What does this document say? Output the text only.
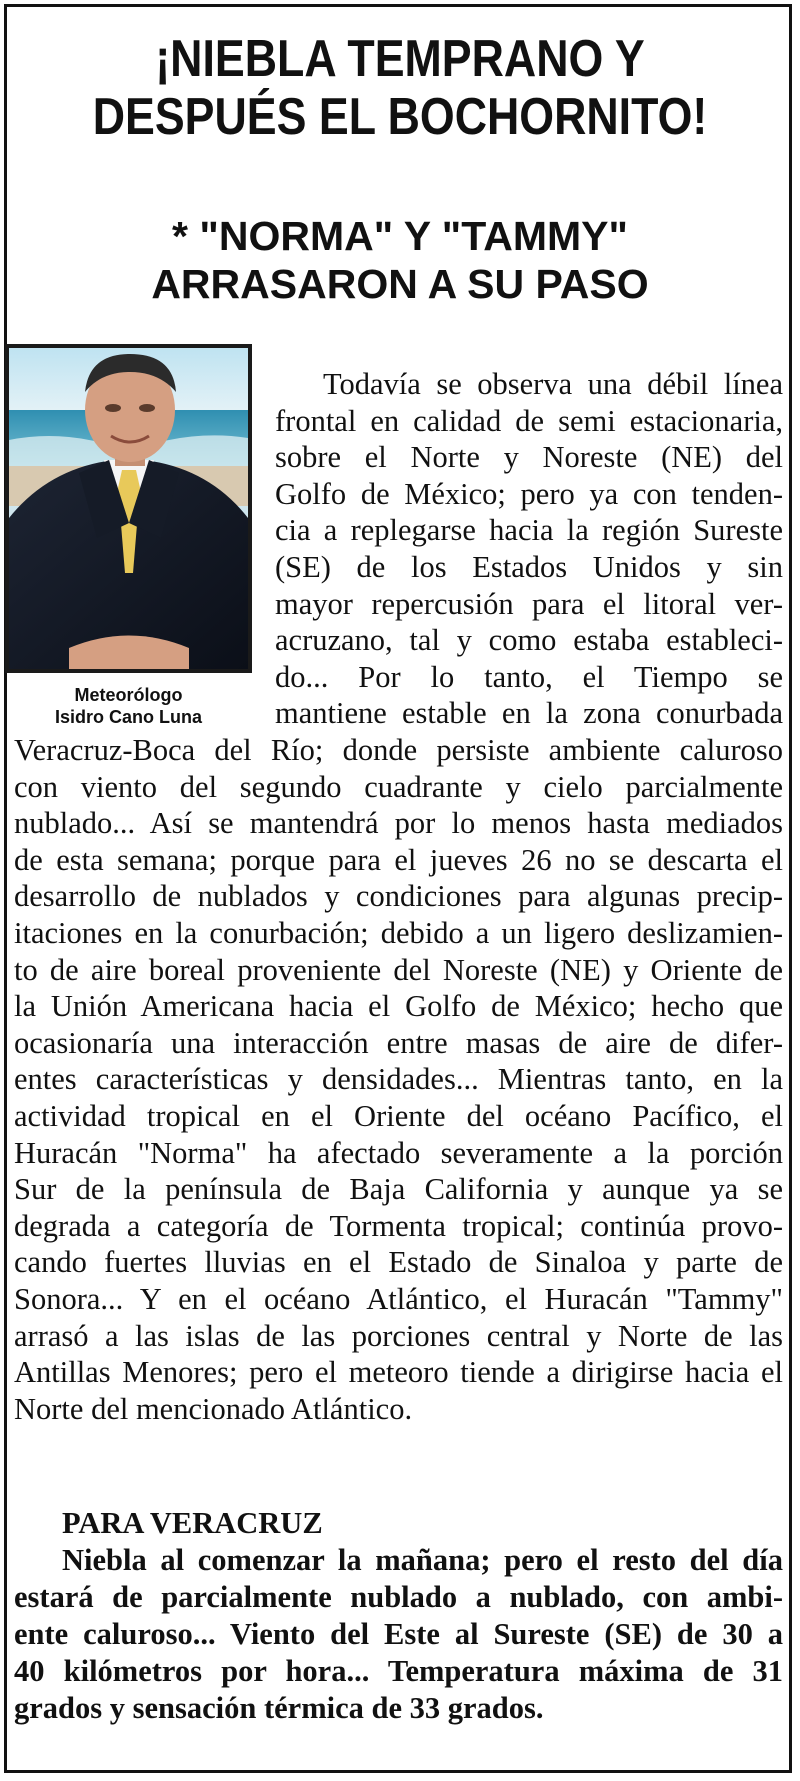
¡NIEBLA TEMPRANO Y
DESPUÉS EL BOCHORNITO!
* "NORMA" Y "TAMMY"
ARRASARON A SU PASO
Meteorólogo
Isidro Cano Luna
Todavía se observa una débil línea
frontal en calidad de semi estacionaria,
sobre el Norte y Noreste (NE) del
Golfo de México; pero ya con tenden-
cia a replegarse hacia la región Sureste
(SE) de los Estados Unidos y sin
mayor repercusión para el litoral ver-
acruzano, tal y como estaba estableci-
do... Por lo tanto, el Tiempo se
mantiene estable en la zona conurbada
Veracruz-Boca del Río; donde persiste ambiente caluroso
con viento del segundo cuadrante y cielo parcialmente
nublado... Así se mantendrá por lo menos hasta mediados
de esta semana; porque para el jueves 26 no se descarta el
desarrollo de nublados y condiciones para algunas precip-
itaciones en la conurbación; debido a un ligero deslizamien-
to de aire boreal proveniente del Noreste (NE) y Oriente de
la Unión Americana hacia el Golfo de México; hecho que
ocasionaría una interacción entre masas de aire de difer-
entes características y densidades... Mientras tanto, en la
actividad tropical en el Oriente del océano Pacífico, el
Huracán "Norma" ha afectado severamente a la porción
Sur de la península de Baja California y aunque ya se
degrada a categoría de Tormenta tropical; continúa provo-
cando fuertes lluvias en el Estado de Sinaloa y parte de
Sonora... Y en el océano Atlántico, el Huracán "Tammy"
arrasó a las islas de las porciones central y Norte de las
Antillas Menores; pero el meteoro tiende a dirigirse hacia el
Norte del mencionado Atlántico.
PARA VERACRUZ
Niebla al comenzar la mañana; pero el resto del día
estará de parcialmente nublado a nublado, con ambi-
ente caluroso... Viento del Este al Sureste (SE) de 30 a
40 kilómetros por hora... Temperatura máxima de 31
grados y sensación térmica de 33 grados.
